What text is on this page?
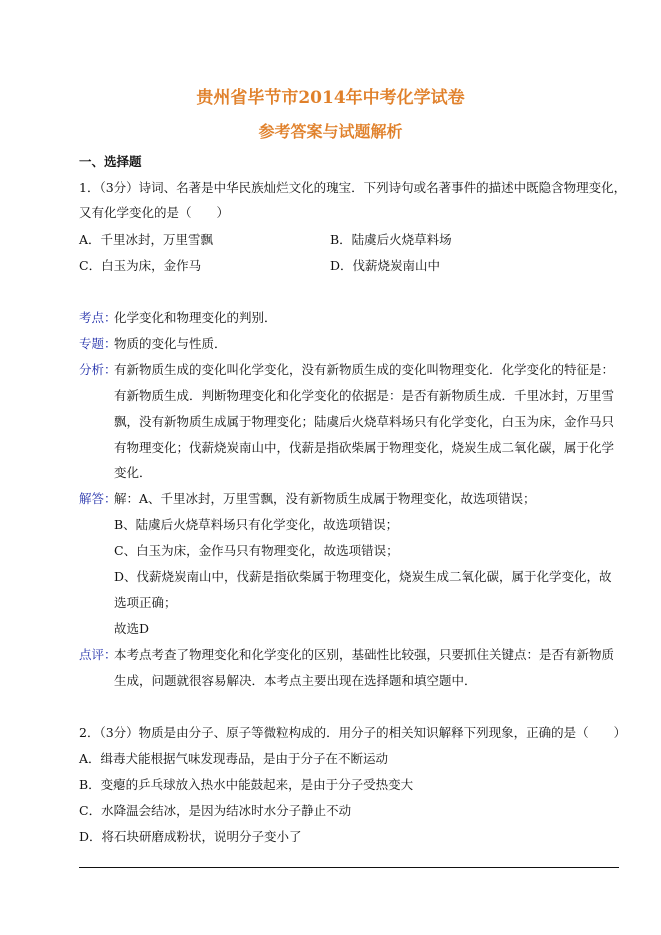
贵州省毕节市2014年中考化学试卷
参考答案与试题解析
一、选择题
1．（3分）诗词、名著是中华民族灿烂文化的瑰宝．下列诗句或名著事件的描述中既隐含物理变化，
又有化学变化的是（　　）
A．千里冰封，万里雪飘	B．陆虞后火烧草料场
C．白玉为床，金作马	D．伐薪烧炭南山中
考点：
化学变化和物理变化的判别．
专题：
物质的变化与性质．
分析：
有新物质生成的变化叫化学变化，没有新物质生成的变化叫物理变化．化学变化的特征是：
有新物质生成．判断物理变化和化学变化的依据是：是否有新物质生成．千里冰封，万里雪
飘，没有新物质生成属于物理变化；陆虞后火烧草料场只有化学变化，白玉为床，金作马只
有物理变化；伐薪烧炭南山中，伐薪是指砍柴属于物理变化，烧炭生成二氧化碳，属于化学
变化．
解答：
解：A、千里冰封，万里雪飘，没有新物质生成属于物理变化，故选项错误；
B、陆虞后火烧草料场只有化学变化，故选项错误；
C、白玉为床，金作马只有物理变化，故选项错误；
D、伐薪烧炭南山中，伐薪是指砍柴属于物理变化，烧炭生成二氧化碳，属于化学变化，故
选项正确；
故选D
点评：
本考点考查了物理变化和化学变化的区别，基础性比较强，只要抓住关键点：是否有新物质
生成，问题就很容易解决．本考点主要出现在选择题和填空题中．
2．（3分）物质是由分子、原子等微粒构成的．用分子的相关知识解释下列现象，正确的是（　　）
A．缉毒犬能根据气味发现毒品，是由于分子在不断运动
B．变瘪的乒乓球放入热水中能鼓起来，是由于分子受热变大
C．水降温会结冰，是因为结冰时水分子静止不动
D．将石块研磨成粉状，说明分子变小了
